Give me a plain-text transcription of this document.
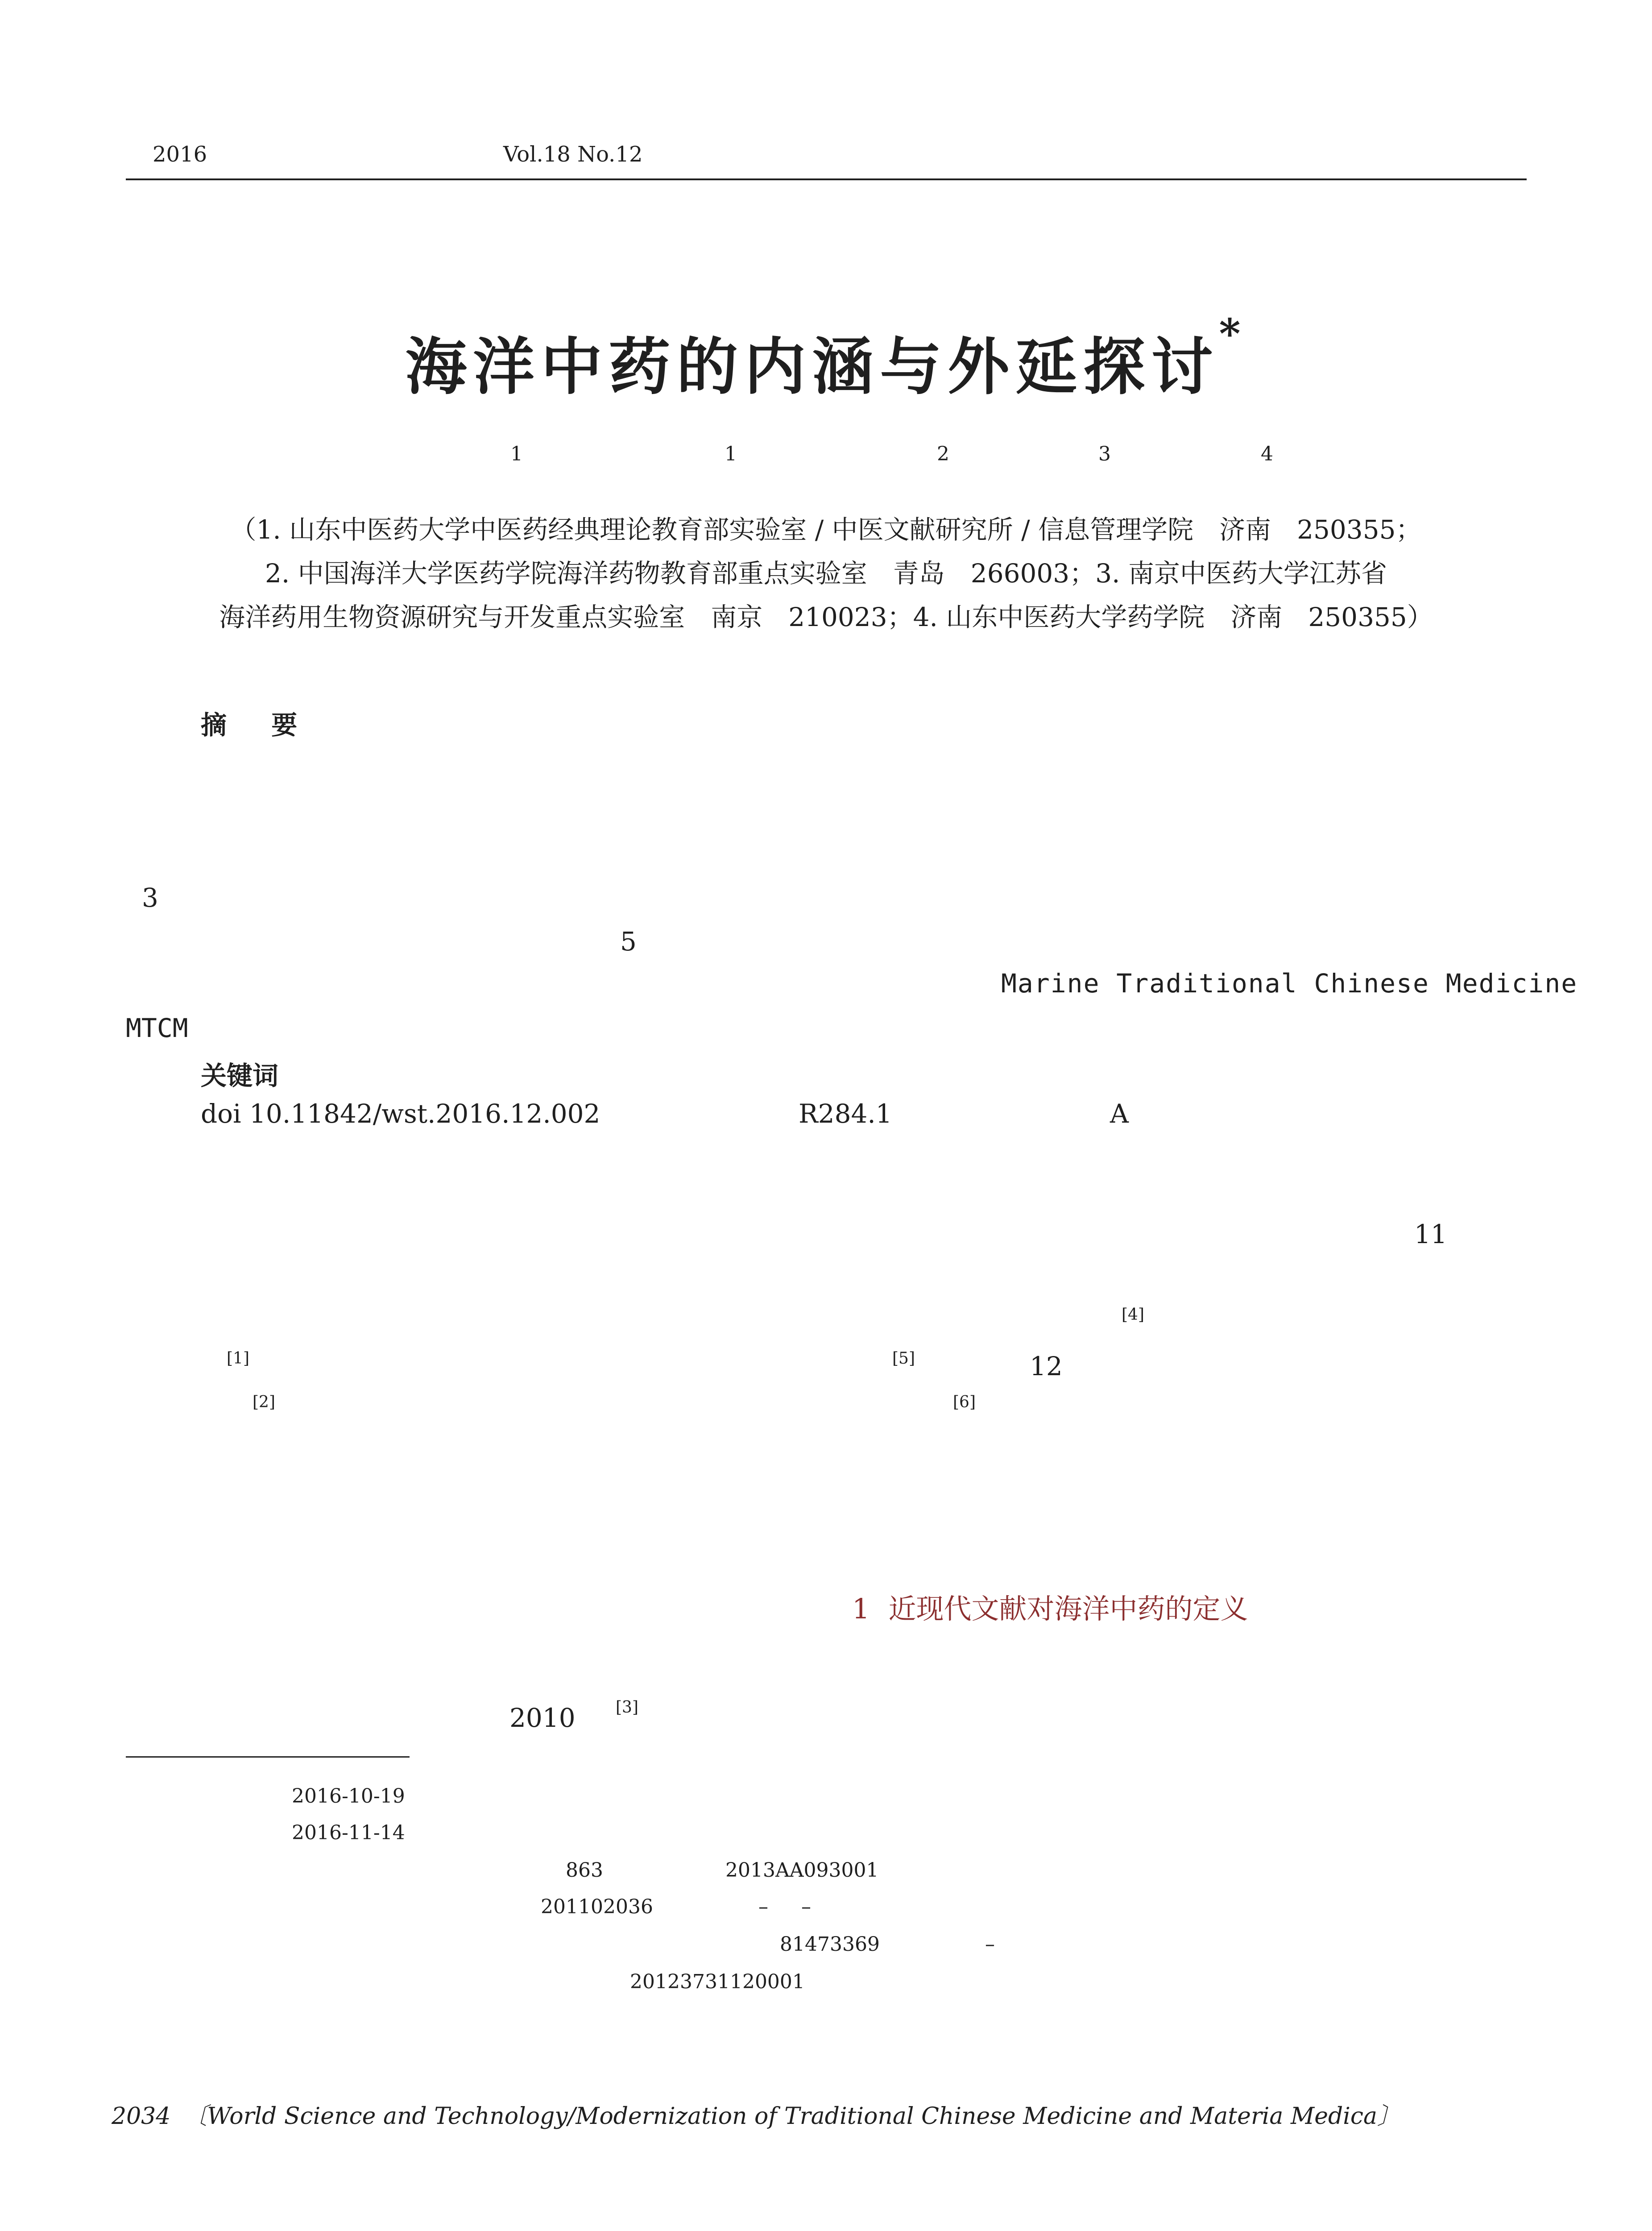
2016	Vol.18 No.12
海洋中药的内涵与外延探讨*
1	1	2	3	4
（1. 山东中医药大学中医药经典理论教育部实验室 / 中医文献研究所 / 信息管理学院　济南　250355；
2. 中国海洋大学医药学院海洋药物教育部重点实验室　青岛　266003；3. 南京中医药大学江苏省
海洋药用生物资源研究与开发重点实验室　南京　210023；4. 山东中医药大学药学院　济南　250355）
摘 要
3
5
Marine Traditional Chinese Medicine
MTCM
关键词
doi 10.11842/wst.2016.12.002	R284.1	A
11
[4]
[1]	[5]	12
[2]	[6]
1 近现代文献对海洋中药的定义
2010	[3]
2016-10-19
2016-11-14
863	2013AA093001
201102036	– –
81473369	–
20123731120001
2034 〔World Science and Technology/Modernization of Traditional Chinese Medicine and Materia Medica〕
